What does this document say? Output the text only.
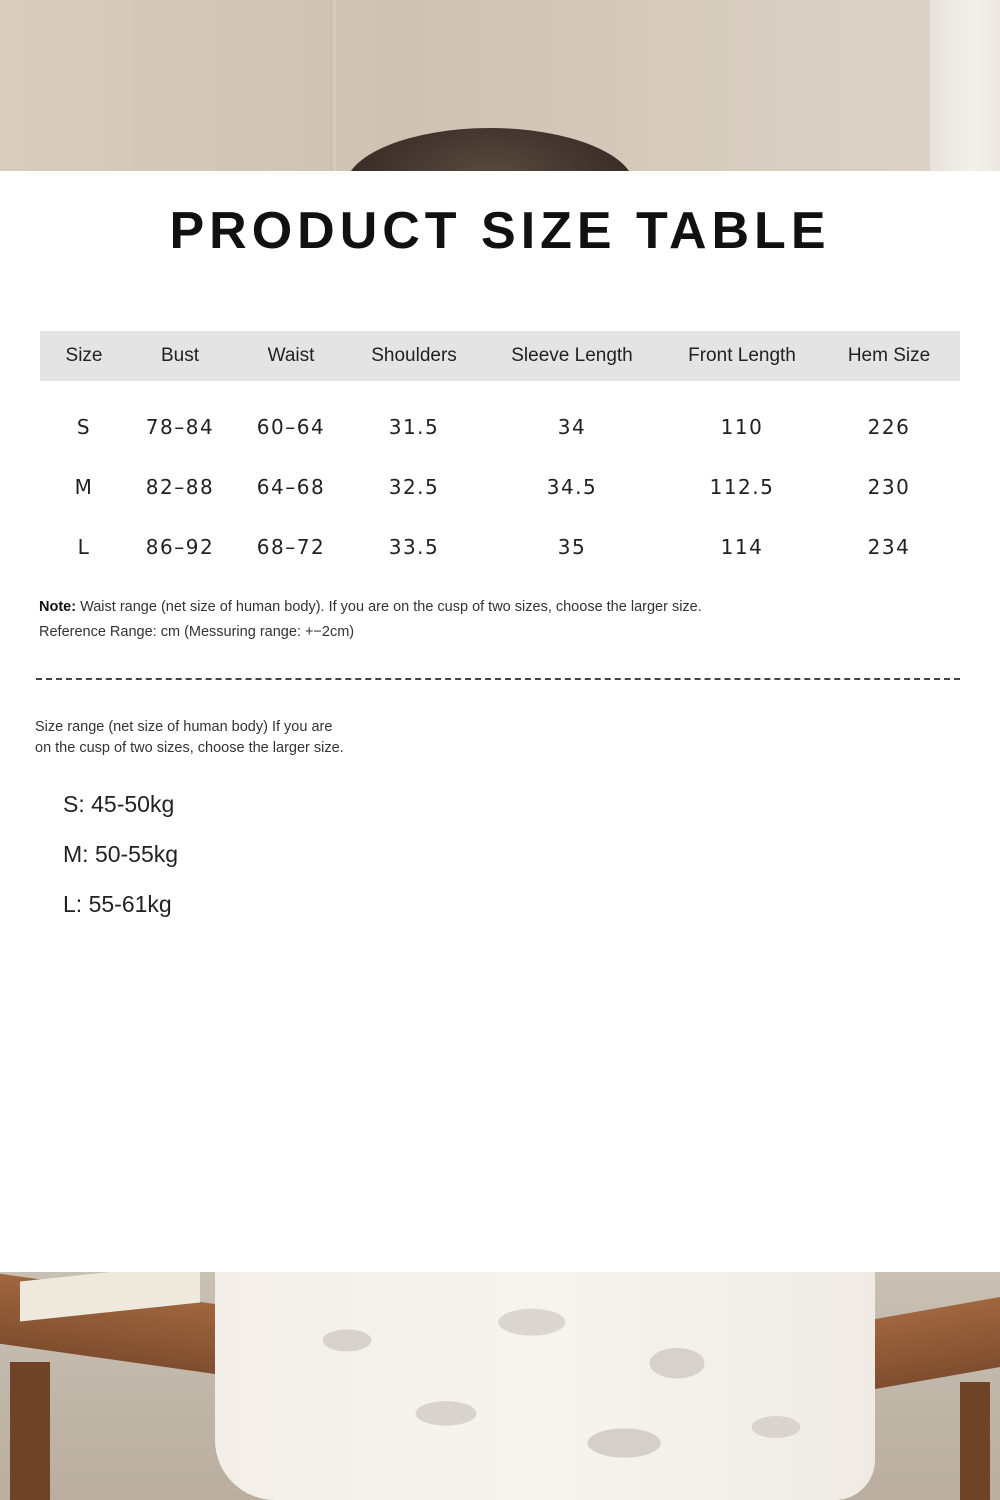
PRODUCT SIZE TABLE
Size	Bust	Waist	Shoulders	Sleeve Length	Front Length	Hem Size

S	78–84	60–64	31.5	34	110	226
M	82–88	64–68	32.5	34.5	112.5	230
L	86–92	68–72	33.5	35	114	234
Note: Waist range (net size of human body). If you are on the cusp of two sizes, choose the larger size.
Reference Range: cm (Messuring range: +−2cm)
Size range (net size of human body) If you are
on the cusp of two sizes, choose the larger size.
S: 45-50kg
M: 50-55kg
L: 55-61kg
